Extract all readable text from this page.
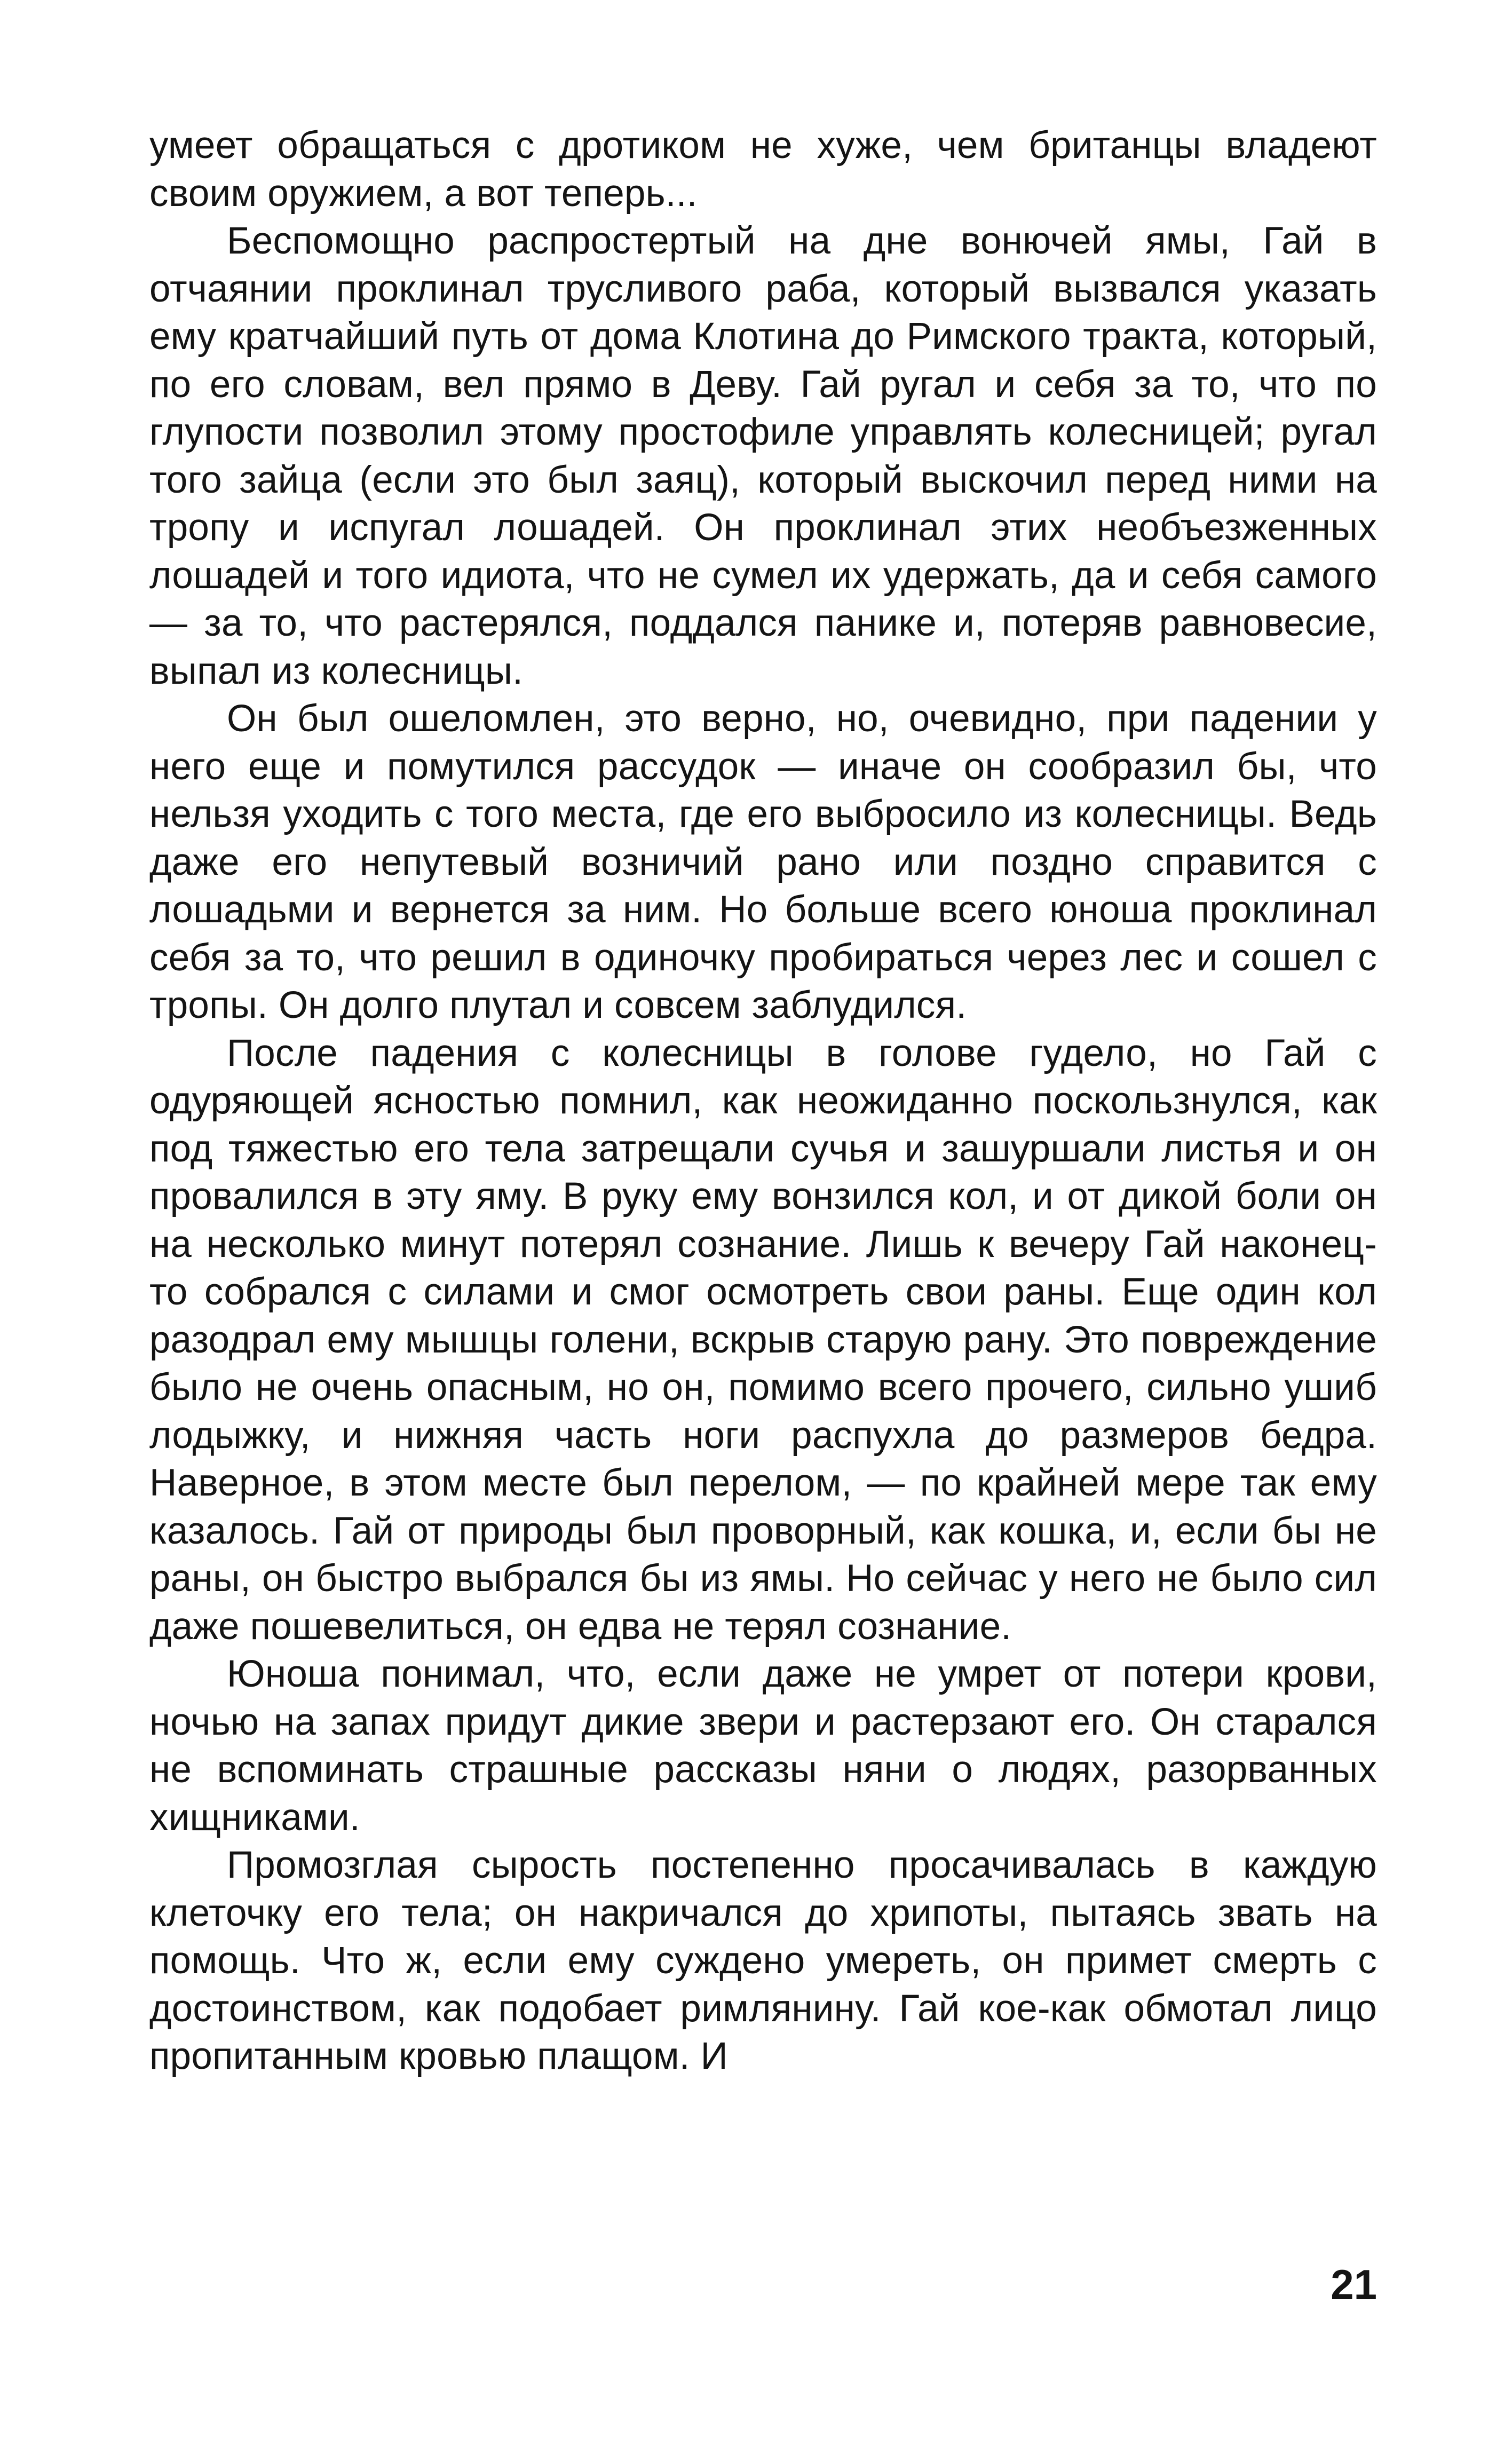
умеет обращаться с дротиком не хуже, чем британцы владеют своим оружием, а вот теперь...

Беспомощно распростертый на дне вонючей ямы, Гай в отчаянии проклинал трусливого раба, который вызвался указать ему кратчайший путь от дома Клотина до Римского тракта, который, по его словам, вел прямо в Деву. Гай ругал и себя за то, что по глупости позволил этому простофиле управлять колесницей; ругал того зайца (если это был заяц), который выскочил перед ними на тропу и испугал лошадей. Он проклинал этих необъезженных лошадей и того идиота, что не сумел их удержать, да и себя самого — за то, что растерялся, поддался панике и, потеряв равновесие, выпал из колесницы.

Он был ошеломлен, это верно, но, очевидно, при падении у него еще и помутился рассудок — иначе он сообразил бы, что нельзя уходить с того места, где его выбросило из колесницы. Ведь даже его непутевый возничий рано или поздно справится с лошадьми и вернется за ним. Но больше всего юноша проклинал себя за то, что решил в одиночку пробираться через лес и сошел с тропы. Он долго плутал и совсем заблудился.

После падения с колесницы в голове гудело, но Гай с одуряющей ясностью помнил, как неожиданно поскользнулся, как под тяжестью его тела затрещали сучья и зашуршали листья и он провалился в эту яму. В руку ему вонзился кол, и от дикой боли он на несколько минут потерял сознание. Лишь к вечеру Гай наконец-то собрался с силами и смог осмотреть свои раны. Еще один кол разодрал ему мышцы голени, вскрыв старую рану. Это повреждение было не очень опасным, но он, помимо всего прочего, сильно ушиб лодыжку, и нижняя часть ноги распухла до размеров бедра. Наверное, в этом месте был перелом, — по крайней мере так ему казалось. Гай от природы был проворный, как кошка, и, если бы не раны, он быстро выбрался бы из ямы. Но сейчас у него не было сил даже пошевелиться, он едва не терял сознание.

Юноша понимал, что, если даже не умрет от потери крови, ночью на запах придут дикие звери и растерзают его. Он старался не вспоминать страшные рассказы няни о людях, разорванных хищниками.

Промозглая сырость постепенно просачивалась в каждую клеточку его тела; он накричался до хрипоты, пытаясь звать на помощь. Что ж, если ему суждено умереть, он примет смерть с достоинством, как подобает римлянину. Гай кое-как обмотал лицо пропитанным кровью плащом. И

21
